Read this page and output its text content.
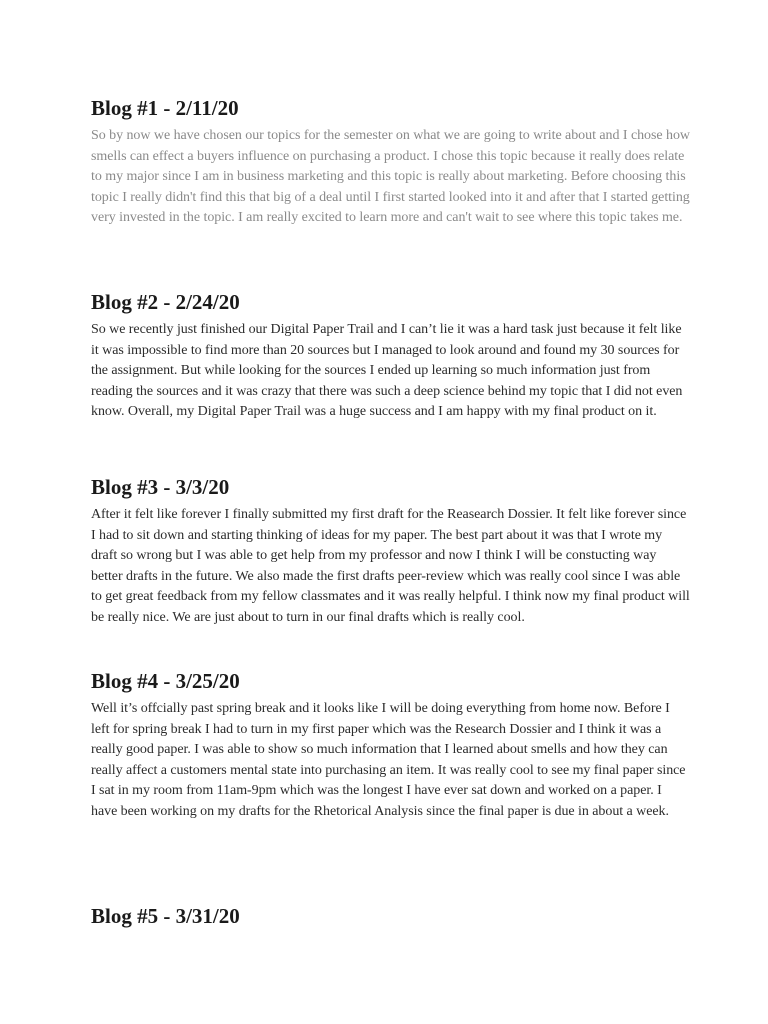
Blog #1 - 2/11/20

So by now we have chosen our topics for the semester on what we are going to write about and I chose how smells can effect a buyers influence on purchasing a product. I chose this topic because it really does relate to my major since I am in business marketing and this topic is really about marketing. Before choosing this topic I really didn't find this that big of a deal until I first started looked into it and after that I started getting very invested in the topic. I am really excited to learn more and can't wait to see where this topic takes me.

Blog #2 - 2/24/20

So we recently just finished our Digital Paper Trail and I can’t lie it was a hard task just because it felt like it was impossible to find more than 20 sources but I managed to look around and found my 30 sources for the assignment. But while looking for the sources I ended up learning so much information just from reading the sources and it was crazy that there was such a deep science behind my topic that I did not even know. Overall, my Digital Paper Trail was a huge success and I am happy with my final product on it.

Blog #3 - 3/3/20

After it felt like forever I finally submitted my first draft for the Reasearch Dossier. It felt like forever since I had to sit down and starting thinking of ideas for my paper. The best part about it was that I wrote my draft so wrong but I was able to get help from my professor and now I think I will be constucting way better drafts in the future. We also made the first drafts peer-review which was really cool since I was able to get great feedback from my fellow classmates and it was really helpful. I think now my final product will be really nice. We are just about to turn in our final drafts which is really cool.

Blog #4 - 3/25/20

Well it’s offcially past spring break and it looks like I will be doing everything from home now. Before I left for spring break I had to turn in my first paper which was the Research Dossier and I think it was a really good paper. I was able to show so much information that I learned about smells and how they can really affect a customers mental state into purchasing an item. It was really cool to see my final paper since I sat in my room from 11am-9pm which was the longest I have ever sat down and worked on a paper. I have been working on my drafts for the Rhetorical Analysis since the final paper is due in about a week.

Blog #5 - 3/31/20
